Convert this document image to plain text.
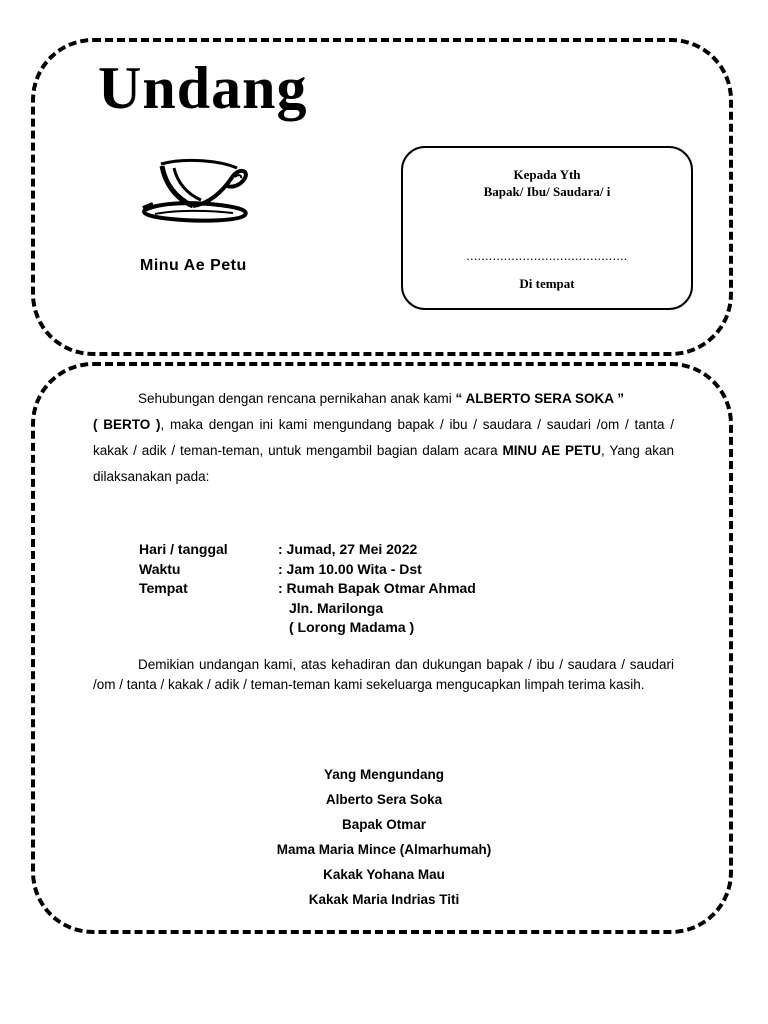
Undang
Minu Ae Petu
Kepada Yth
Bapak/ Ibu/ Saudara/ i
...........................................
Di tempat

Sehubungan dengan rencana pernikahan anak kami “ ALBERTO SERA SOKA ”
( BERTO ), maka dengan ini kami mengundang bapak / ibu / saudara / saudari /om / tanta / kakak / adik / teman-teman, untuk mengambil bagian dalam acara MINU AE PETU, Yang akan dilaksanakan pada:

Hari / tanggal	: Jumad, 27 Mei 2022
Waktu	: Jam 10.00 Wita - Dst
Tempat	: Rumah Bapak Otmar Ahmad
Jln. Marilonga
( Lorong Madama )

Demikian undangan kami, atas kehadiran dan dukungan bapak / ibu / saudara / saudari /om / tanta / kakak / adik / teman-teman kami sekeluarga mengucapkan limpah terima kasih.

Yang Mengundang
Alberto Sera Soka
Bapak Otmar
Mama Maria Mince (Almarhumah)
Kakak Yohana Mau
Kakak Maria Indrias Titi
